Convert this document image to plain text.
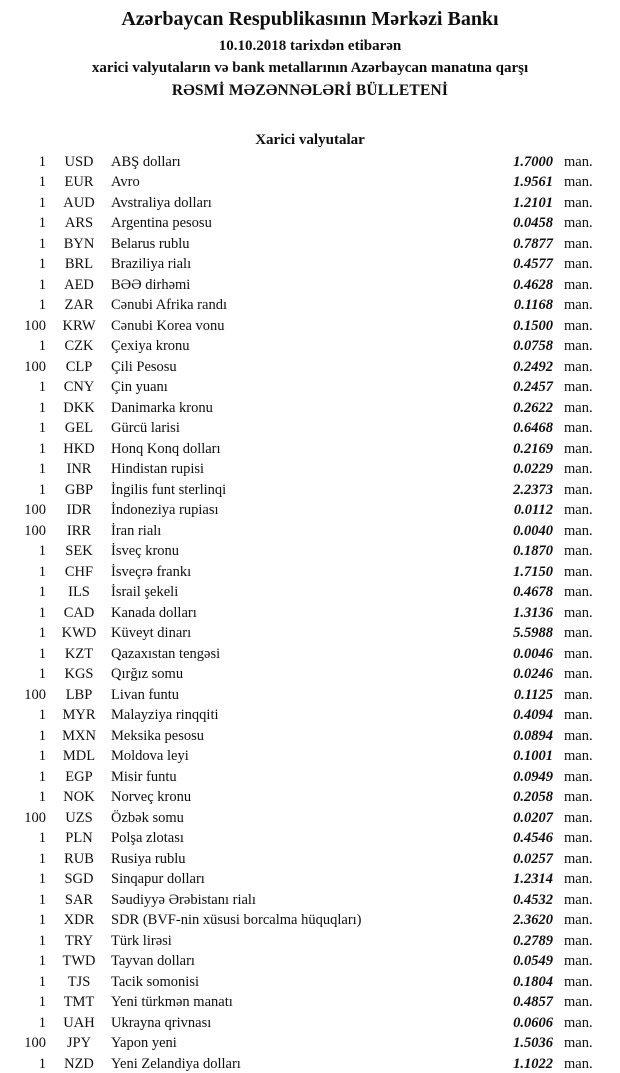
Azərbaycan Respublikasının Mərkəzi Bankı
10.10.2018 tarixdən etibarən
xarici valyutaların və bank metallarının Azərbaycan manatına qarşı
RƏSMİ MƏZƏNNƏLƏRİ BÜLLETENİ
Xarici valyutalar
1	USD	ABŞ dolları	1.7000 man.
1	EUR	Avro	1.9561 man.
1	AUD	Avstraliya dolları	1.2101 man.
1	ARS	Argentina pesosu	0.0458 man.
1	BYN	Belarus rublu	0.7877 man.
1	BRL	Braziliya rialı	0.4577 man.
1	AED	BƏƏ dirhəmi	0.4628 man.
1	ZAR	Cənubi Afrika randı	0.1168 man.
100	KRW	Cənubi Korea vonu	0.1500 man.
1	CZK	Çexiya kronu	0.0758 man.
100	CLP	Çili Pesosu	0.2492 man.
1	CNY	Çin yuanı	0.2457 man.
1	DKK	Danimarka kronu	0.2622 man.
1	GEL	Gürcü larisi	0.6468 man.
1	HKD	Honq Konq dolları	0.2169 man.
1	INR	Hindistan rupisi	0.0229 man.
1	GBP	İngilis funt sterlinqi	2.2373 man.
100	IDR	İndoneziya rupiası	0.0112 man.
100	IRR	İran rialı	0.0040 man.
1	SEK	İsveç kronu	0.1870 man.
1	CHF	İsveçrə frankı	1.7150 man.
1	ILS	İsrail şekeli	0.4678 man.
1	CAD	Kanada dolları	1.3136 man.
1	KWD	Küveyt dinarı	5.5988 man.
1	KZT	Qazaxıstan tengəsi	0.0046 man.
1	KGS	Qırğız somu	0.0246 man.
100	LBP	Livan funtu	0.1125 man.
1	MYR	Malayziya rinqqiti	0.4094 man.
1	MXN	Meksika pesosu	0.0894 man.
1	MDL	Moldova leyi	0.1001 man.
1	EGP	Misir funtu	0.0949 man.
1	NOK	Norveç kronu	0.2058 man.
100	UZS	Özbək somu	0.0207 man.
1	PLN	Polşa zlotası	0.4546 man.
1	RUB	Rusiya rublu	0.0257 man.
1	SGD	Sinqapur dolları	1.2314 man.
1	SAR	Səudiyyə Ərəbistanı rialı	0.4532 man.
1	XDR	SDR (BVF-nin xüsusi borcalma hüquqları)	2.3620 man.
1	TRY	Türk lirəsi	0.2789 man.
1	TWD	Tayvan dolları	0.0549 man.
1	TJS	Tacik somonisi	0.1804 man.
1	TMT	Yeni türkmən manatı	0.4857 man.
1	UAH	Ukrayna qrivnası	0.0606 man.
100	JPY	Yapon yeni	1.5036 man.
1	NZD	Yeni Zelandiya dolları	1.1022 man.
